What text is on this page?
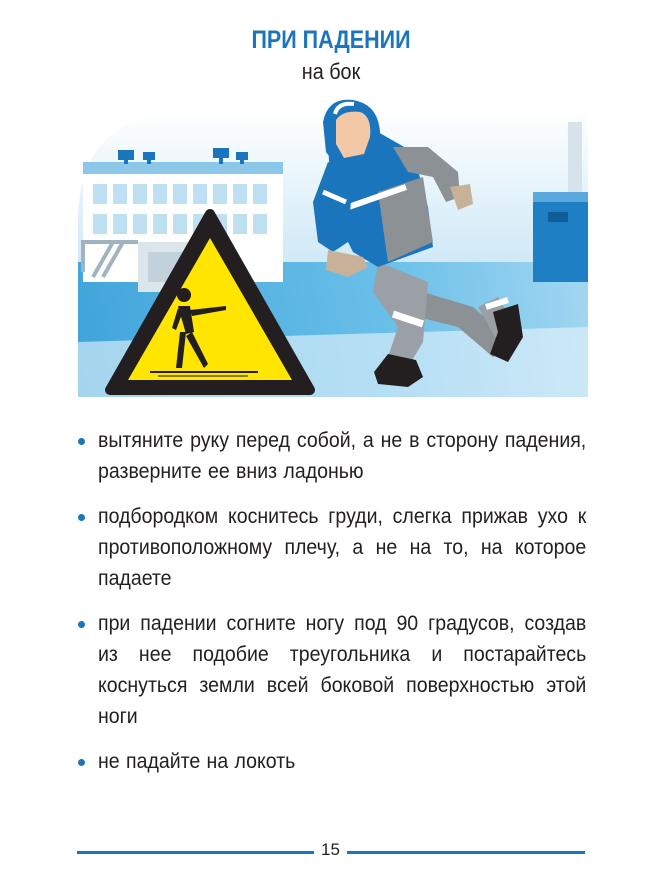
ПРИ ПАДЕНИИ
на бок
вытяните руку перед собой, а не в сторону падения, разверните ее вниз ладонью
подбородком коснитесь груди, слегка прижав ухо к противоположному плечу, а не на то, на которое падаете
при падении согните ногу под 90 градусов, создав из нее подобие треугольника и постарайтесь коснуться земли всей боковой поверхностью этой ноги
не падайте на локоть
15
